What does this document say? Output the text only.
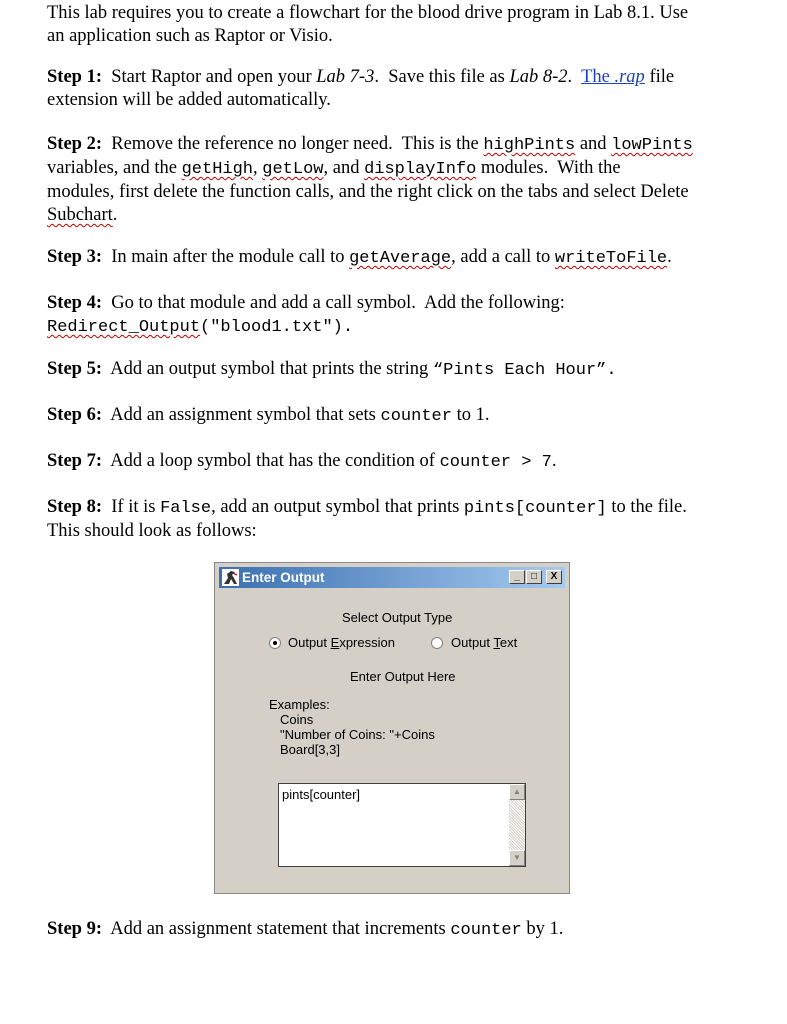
This lab requires you to create a flowchart for the blood drive program in Lab 8.1. Use

an application such as Raptor or Visio.

Step 1:  Start Raptor and open your Lab 7-3.  Save this file as Lab 8-2.  The .rap file

extension will be added automatically.

Step 2:  Remove the reference no longer need.  This is the highPints and lowPints

variables, and the getHigh, getLow, and displayInfo modules.  With the

modules, first delete the function calls, and the right click on the tabs and select Delete

Subchart.

Step 3:  In main after the module call to getAverage, add a call to writeToFile.

Step 4:  Go to that module and add a call symbol.  Add the following:

Redirect_Output("blood1.txt").

Step 5:  Add an output symbol that prints the string “Pints Each Hour”.

Step 6:  Add an assignment symbol that sets counter to 1.

Step 7:  Add a loop symbol that has the condition of counter > 7.

Step 8:  If it is False, add an output symbol that prints pints[counter] to the file.

This should look as follows:

Step 9:  Add an assignment statement that increments counter by 1.

Enter Output	_	□	X
Select Output Type
Output Expression	Output Text
Enter Output Here
Examples:
Coins
"Number of Coins: "+Coins
Board[3,3]
pints[counter]	▲
▼
